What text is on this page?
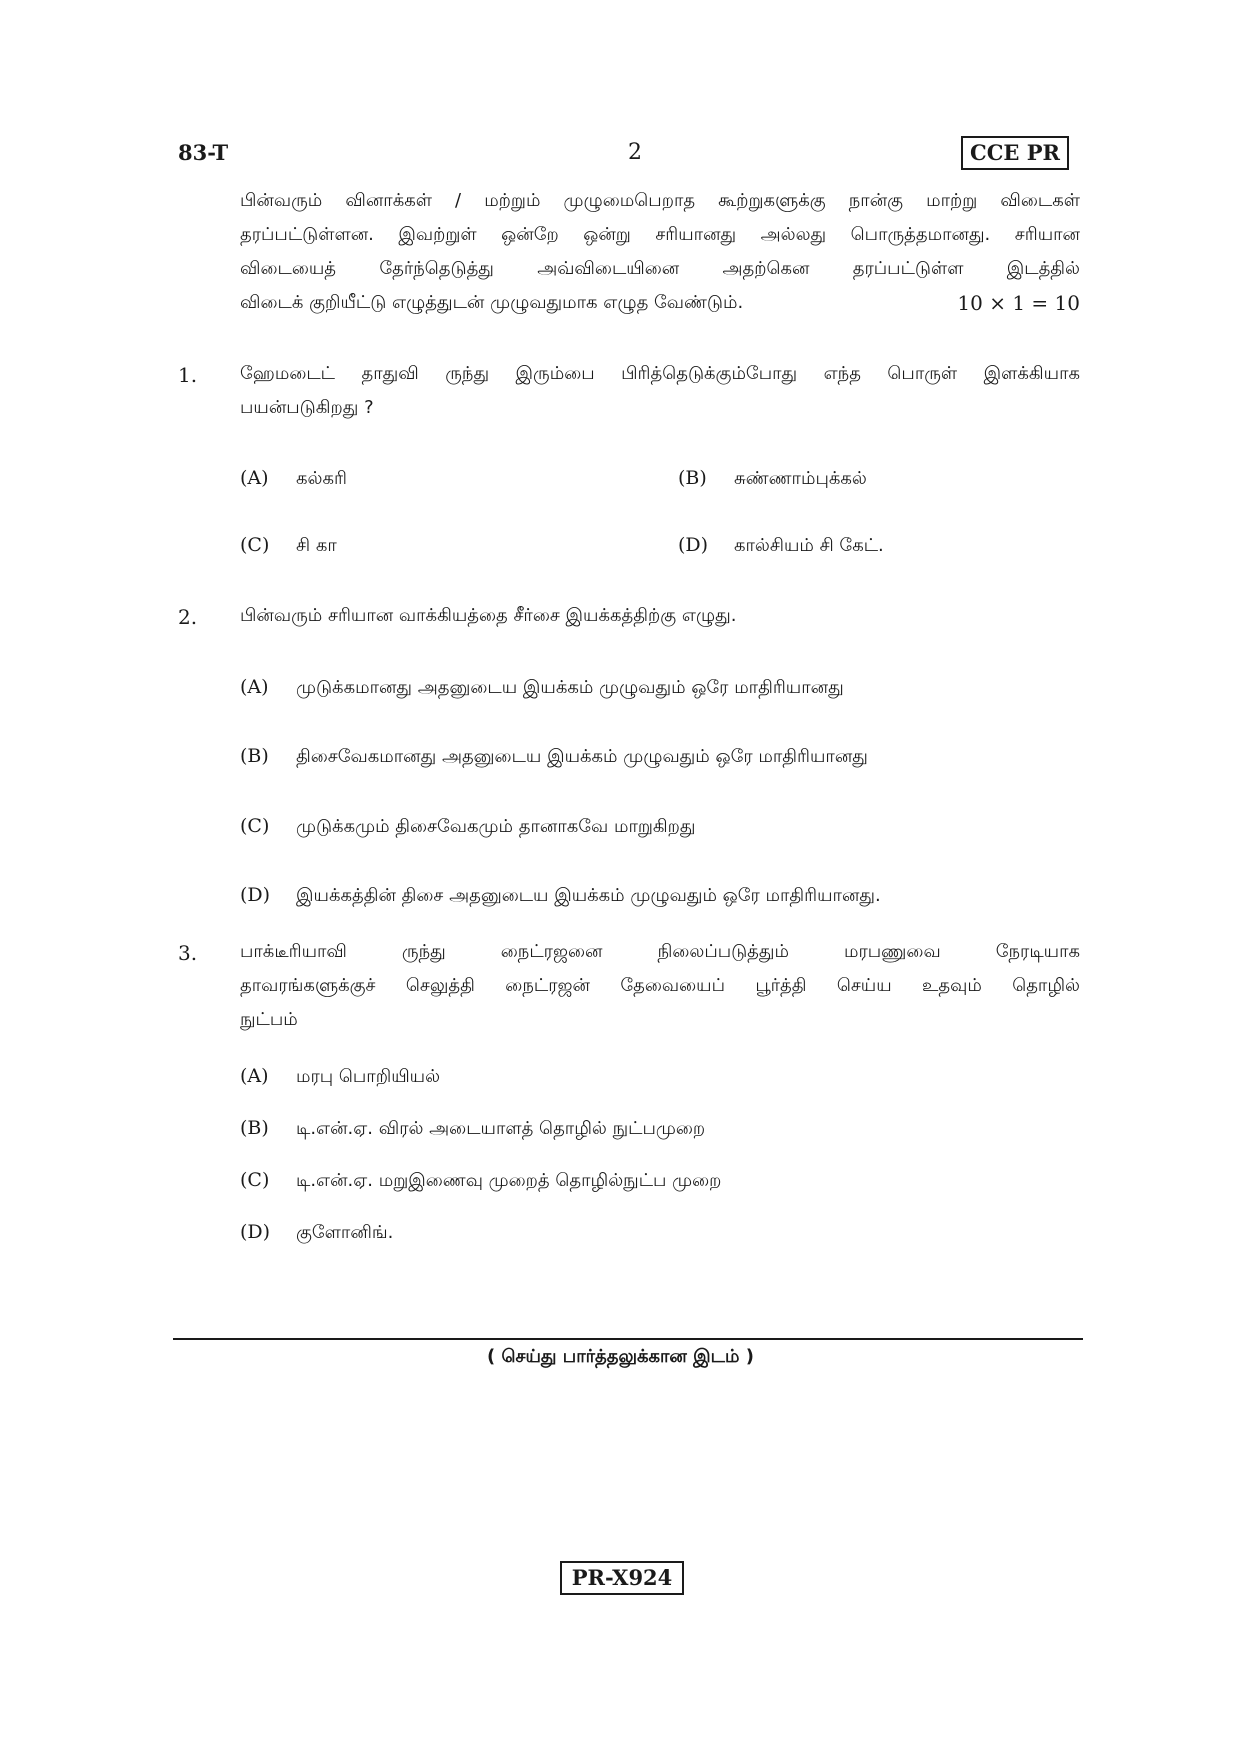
83-T	2	CCE PR
பின்வரும் வினாக்கள் / மற்றும் முழுமைபெறாத கூற்றுகளுக்கு நான்கு மாற்று விடைகள்
தரப்பட்டுள்ளன. இவற்றுள் ஒன்றே ஒன்று சரியானது அல்லது பொருத்தமானது. சரியான
விடையைத் தேர்ந்தெடுத்து அவ்விடையினை அதற்கென தரப்பட்டுள்ள இடத்தில்
விடைக் குறியீட்டு எழுத்துடன் முழுவதுமாக எழுத வேண்டும்.	10 × 1 = 10
1. ஹேமடைட் தாதுவி ருந்து இரும்பை பிரித்தெடுக்கும்போது எந்த பொருள் இளக்கியாக
பயன்படுகிறது ?
(A) கல்கரி	(B) சுண்ணாம்புக்கல்
(C) சி கா	(D) கால்சியம் சி கேட்.
2. பின்வரும் சரியான வாக்கியத்தை சீர்சை இயக்கத்திற்கு எழுது.
(A) முடுக்கமானது அதனுடைய இயக்கம் முழுவதும் ஒரே மாதிரியானது
(B) திசைவேகமானது அதனுடைய இயக்கம் முழுவதும் ஒரே மாதிரியானது
(C) முடுக்கமும் திசைவேகமும் தானாகவே மாறுகிறது
(D) இயக்கத்தின் திசை அதனுடைய இயக்கம் முழுவதும் ஒரே மாதிரியானது.
3. பாக்டீரியாவி ருந்து நைட்ரஜனை நிலைப்படுத்தும் மரபணுவை நேரடியாக
தாவரங்களுக்குச் செலுத்தி நைட்ரஜன் தேவையைப் பூர்த்தி செய்ய உதவும் தொழில்
நுட்பம்
(A) மரபு பொறியியல்
(B) டி.என்.ஏ. விரல் அடையாளத் தொழில் நுட்பமுறை
(C) டி.என்.ஏ. மறுஇணைவு முறைத் தொழில்நுட்ப முறை
(D) குளோனிங்.
( செய்து பார்த்தலுக்கான இடம் )
PR-X924
